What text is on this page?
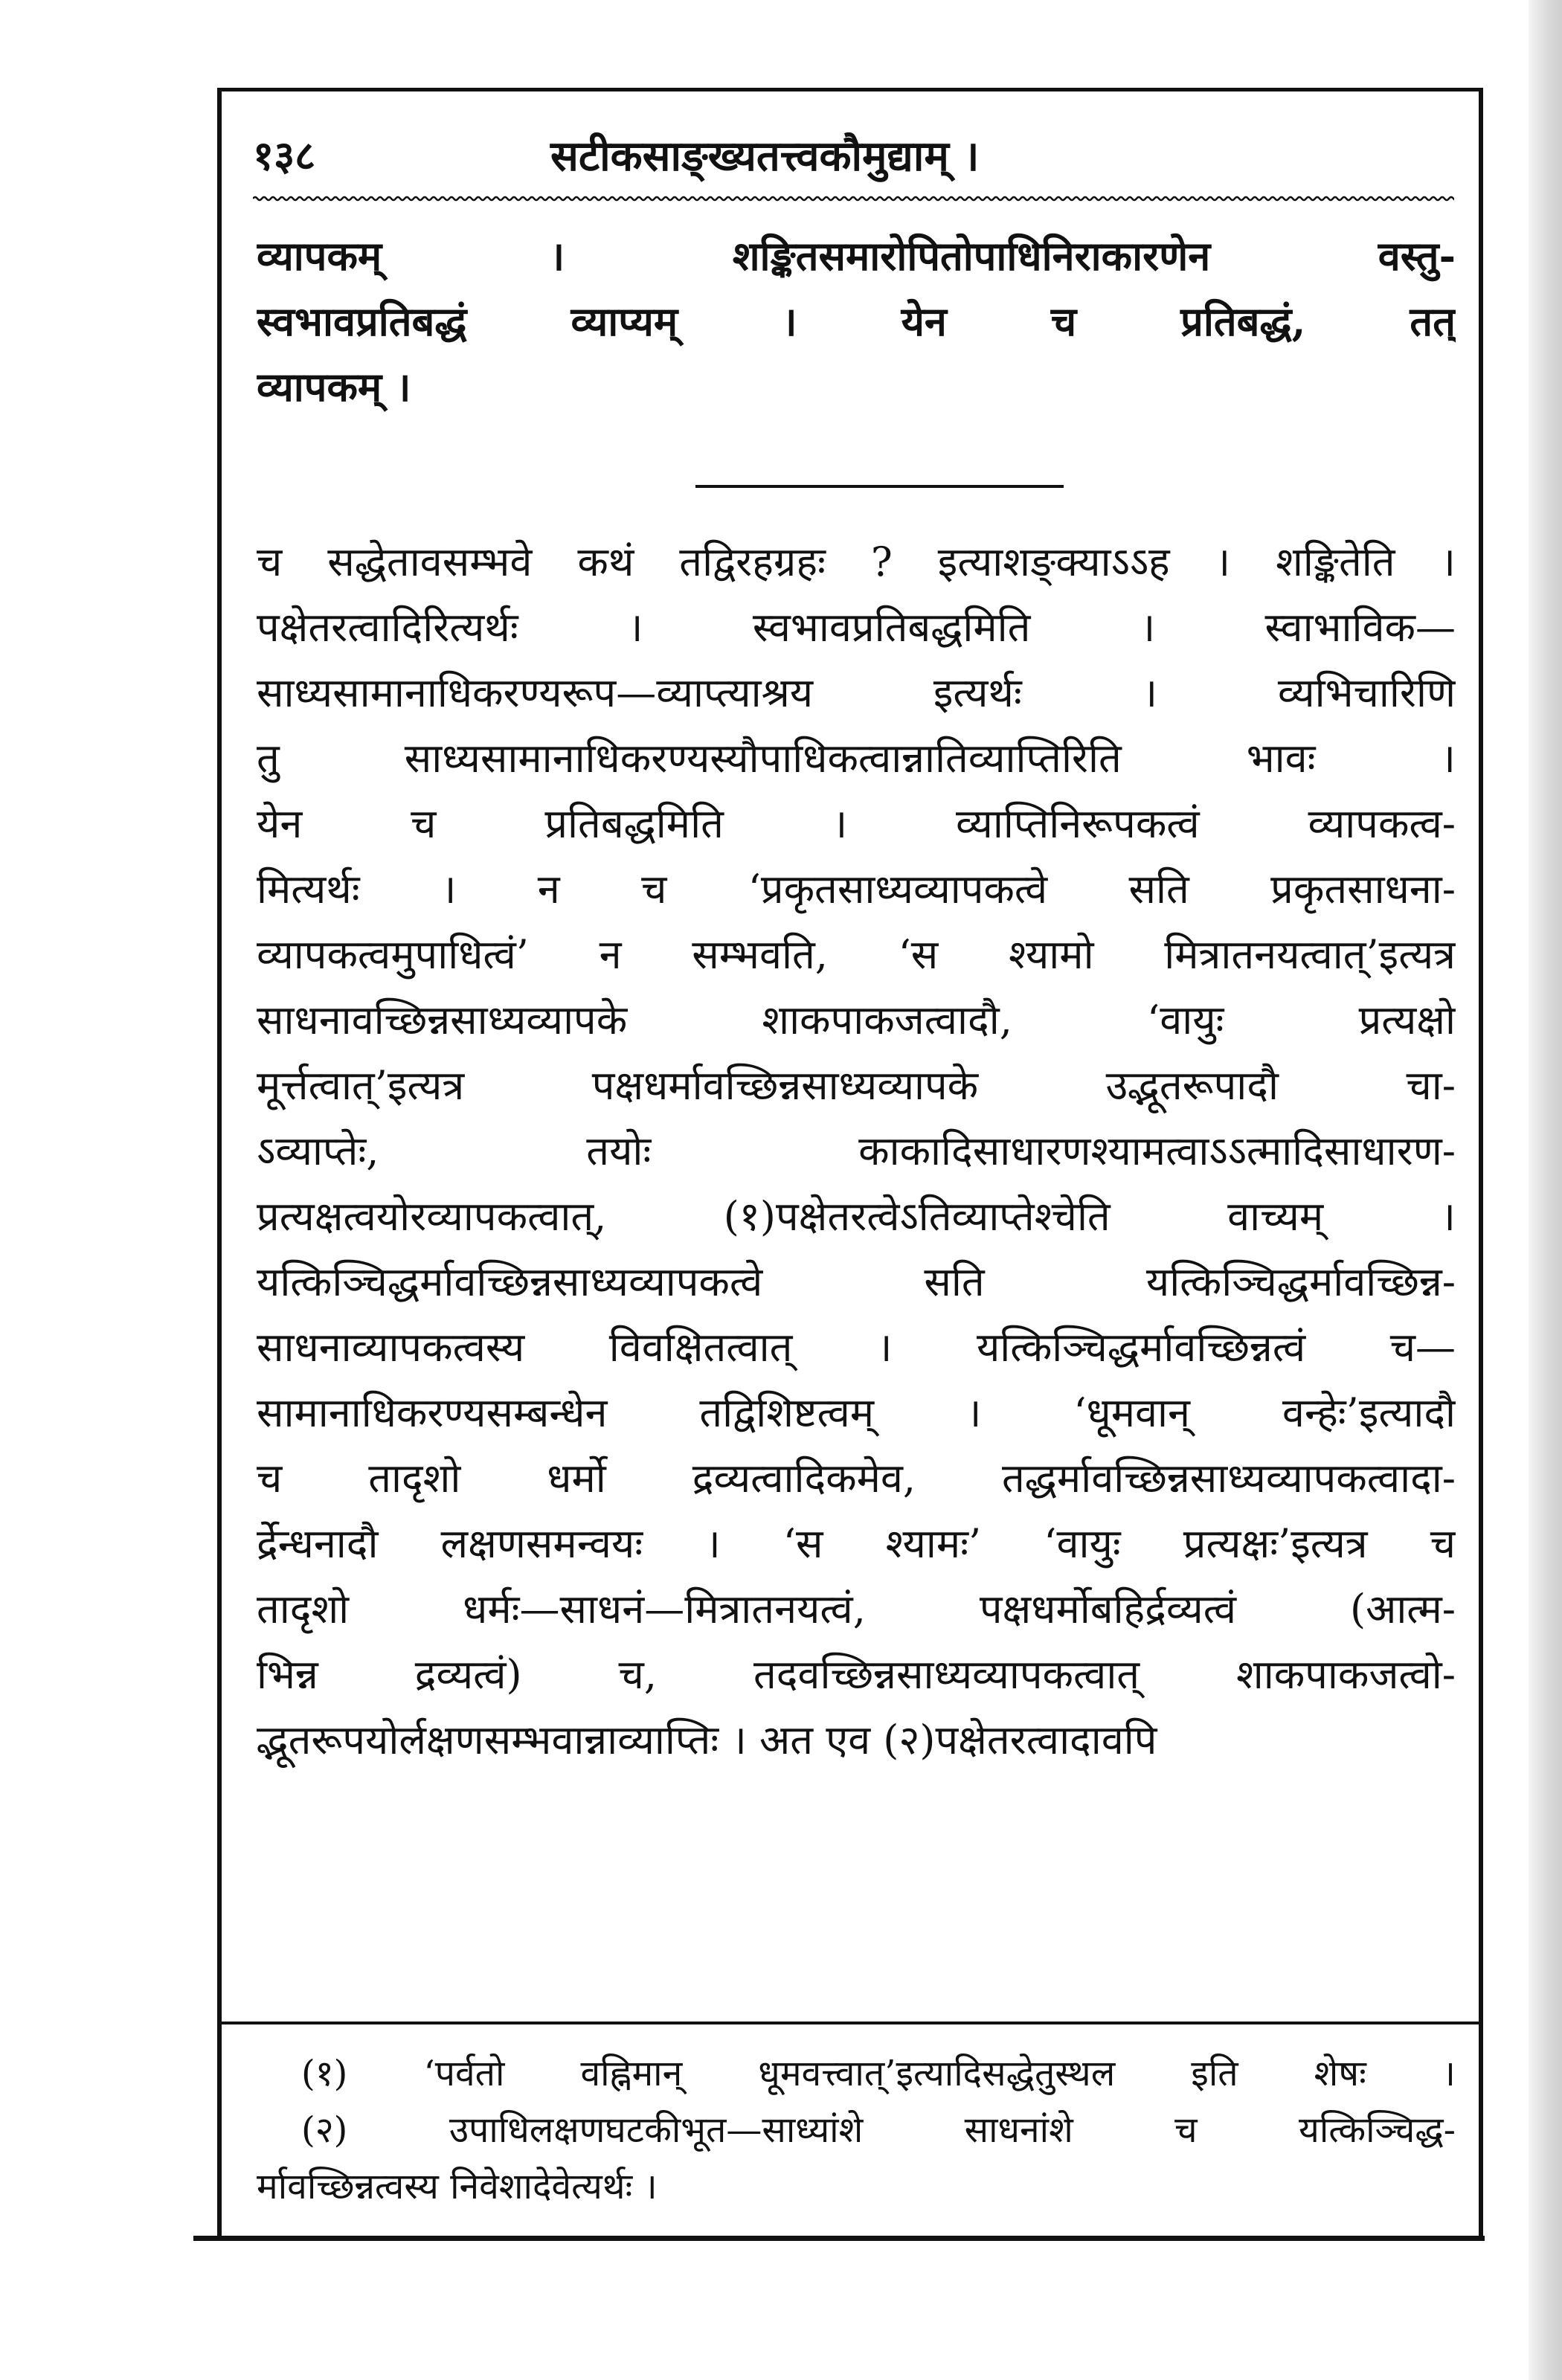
१३८	सटीकसाङ्ख्यतत्त्वकौमुद्याम् ।
व्यापकम् । शङ्कितसमारोपितोपाधिनिराकारणेन वस्तु-
स्वभावप्रतिबद्धं व्याप्यम् । येन च प्रतिबद्धं, तत्
व्यापकम् ।
च सद्धेतावसम्भवे कथं तद्विरहग्रहः ? इत्याशङ्क्याऽऽह । शङ्कितेति ।
पक्षेतरत्वादिरित्यर्थः । स्वभावप्रतिबद्धमिति । स्वाभाविक—
साध्यसामानाधिकरण्यरूप—व्याप्त्याश्रय इत्यर्थः । व्यभिचारिणि
तु साध्यसामानाधिकरण्यस्यौपाधिकत्वान्नातिव्याप्तिरिति भावः ।
येन च प्रतिबद्धमिति । व्याप्तिनिरूपकत्वं व्यापकत्व-
मित्यर्थः । न च ‘प्रकृतसाध्यव्यापकत्वे सति प्रकृतसाधना-
व्यापकत्वमुपाधित्वं’ न सम्भवति, ‘स श्यामो मित्रातनयत्वात्’इत्यत्र
साधनावच्छिन्नसाध्यव्यापके शाकपाकजत्वादौ, ‘वायुः प्रत्यक्षो
मूर्त्तत्वात्’इत्यत्र पक्षधर्मावच्छिन्नसाध्यव्यापके उद्भूतरूपादौ चा-
ऽव्याप्तेः, तयोः काकादिसाधारणश्यामत्वाऽऽत्मादिसाधारण-
प्रत्यक्षत्वयोरव्यापकत्वात्, (१)पक्षेतरत्वेऽतिव्याप्तेश्चेति वाच्यम् ।
यत्किञ्चिद्धर्मावच्छिन्नसाध्यव्यापकत्वे सति यत्किञ्चिद्धर्मावच्छिन्न-
साधनाव्यापकत्वस्य विवक्षितत्वात् । यत्किञ्चिद्धर्मावच्छिन्नत्वं च—
सामानाधिकरण्यसम्बन्धेन तद्विशिष्टत्वम् । ‘धूमवान् वन्हेः’इत्यादौ
च तादृशो धर्मो द्रव्यत्वादिकमेव, तद्धर्मावच्छिन्नसाध्यव्यापकत्वादा-
र्द्रेन्धनादौ लक्षणसमन्वयः । ‘स श्यामः’ ‘वायुः प्रत्यक्षः’इत्यत्र च
तादृशो धर्मः—साधनं—मित्रातनयत्वं, पक्षधर्मोबहिर्द्रव्यत्वं (आत्म-
भिन्न द्रव्यत्वं) च, तदवच्छिन्नसाध्यव्यापकत्वात् शाकपाकजत्वो-
द्भूतरूपयोर्लक्षणसम्भवान्नाव्याप्तिः । अत एव (२)पक्षेतरत्वादावपि
(१) ‘पर्वतो वह्निमान् धूमवत्त्वात्’इत्यादिसद्धेतुस्थल इति शेषः ।
(२) उपाधिलक्षणघटकीभूत—साध्यांशे साधनांशे च यत्किञ्चिद्ध-
र्मावच्छिन्नत्वस्य निवेशादेवेत्यर्थः ।
